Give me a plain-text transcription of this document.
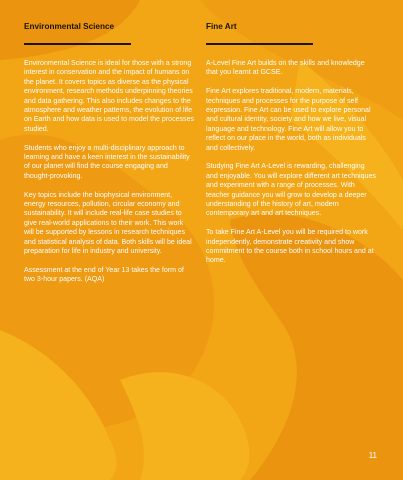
Environmental Science

Environmental Science is ideal for those with a strong interest in conservation and the impact of humans on the planet. It covers topics as diverse as the physical environment, research methods underpinning theories and data gathering. This also includes changes to the atmosphere and weather patterns, the evolution of life on Earth and how data is used to model the processes studied.

Students who enjoy a multi-disciplinary approach to learning and have a keen interest in the sustainability of our planet will find the course engaging and thought-provoking.

Key topics include the biophysical environment, energy resources, pollution, circular economy and sustainability. It will include real-life case studies to give real-world applications to their work. This work will be supported by lessons in research techniques and statistical analysis of data. Both skills will be ideal preparation for life in industry and university.

Assessment at the end of Year 13 takes the form of two 3-hour papers. (AQA)

Fine Art

A-Level Fine Art builds on the skills and knowledge that you learnt at GCSE.

Fine Art explores traditional, modern, materials, techniques and processes for the purpose of self expression. Fine Art can be used to explore personal and cultural identity, society and how we live, visual language and technology. Fine Art will allow you to reflect on our place in the world, both as individuals and collectively.

Studying Fine Art A-Level is rewarding, challenging and enjoyable. You will explore different art techniques and experiment with a range of processes. With teacher guidance you will grow to develop a deeper understanding of the history of art, modern contemporary art and art techniques.

To take Fine Art A-Level you will be required to work independently, demonstrate creativity and show commitment to the course both in school hours and at home.

11
